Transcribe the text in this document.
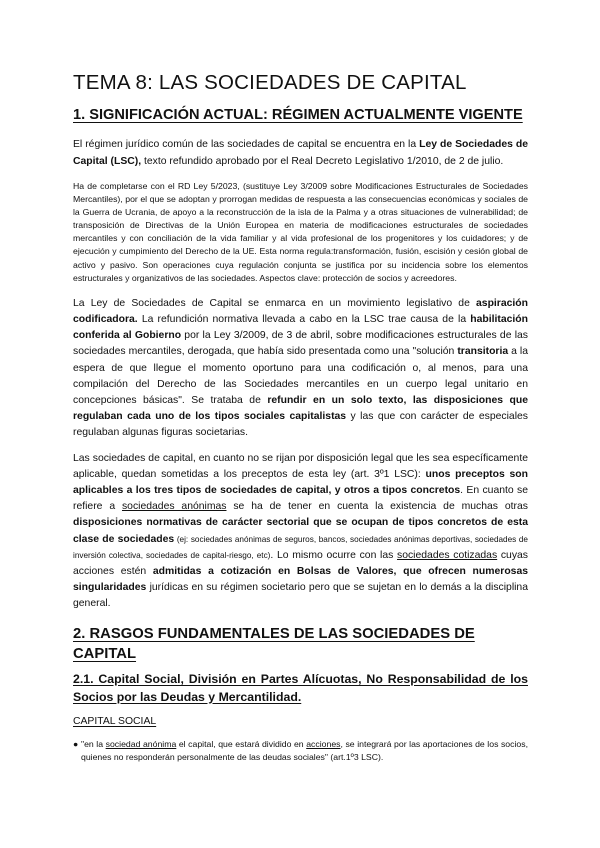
TEMA 8: LAS SOCIEDADES DE CAPITAL
1. SIGNIFICACIÓN ACTUAL: RÉGIMEN ACTUALMENTE VIGENTE

El régimen jurídico común de las sociedades de capital se encuentra en la Ley de Sociedades de Capital (LSC), texto refundido aprobado por el Real Decreto Legislativo 1/2010, de 2 de julio.

Ha de completarse con el RD Ley 5/2023, (sustituye Ley 3/2009 sobre Modificaciones Estructurales de Sociedades Mercantiles), por el que se adoptan y prorrogan medidas de respuesta a las consecuencias económicas y sociales de la Guerra de Ucrania, de apoyo a la reconstrucción de la isla de la Palma y a otras situaciones de vulnerabilidad; de transposición de Directivas de la Unión Europea en materia de modificaciones estructurales de sociedades mercantiles y con conciliación de la vida familiar y al vida profesional de los progenitores y los cuidadores; y de ejecución y cumpimiento del Derecho de la UE. Esta norma regula:transformación, fusión, escisión y cesión global de activo y pasivo. Son operaciones cuya regulación conjunta se justifica por su incidencia sobre los elementos estructurales y organizativos de las sociedades. Aspectos clave: protección de socios y acreedores.

La Ley de Sociedades de Capital se enmarca en un movimiento legislativo de aspiración codificadora. La refundición normativa llevada a cabo en la LSC trae causa de la habilitación conferida al Gobierno por la Ley 3/2009, de 3 de abril, sobre modificaciones estructurales de las sociedades mercantiles, derogada, que había sido presentada como una "solución transitoria a la espera de que llegue el momento oportuno para una codificación o, al menos, para una compilación del Derecho de las Sociedades mercantiles en un cuerpo legal unitario en concepciones básicas". Se trataba de refundir en un solo texto, las disposiciones que regulaban cada uno de los tipos sociales capitalistas y las que con carácter de especiales regulaban algunas figuras societarias.

Las sociedades de capital, en cuanto no se rijan por disposición legal que les sea específicamente aplicable, quedan sometidas a los preceptos de esta ley (art. 3º1 LSC): unos preceptos son aplicables a los tres tipos de sociedades de capital, y otros a tipos concretos. En cuanto se refiere a sociedades anónimas se ha de tener en cuenta la existencia de muchas otras disposiciones normativas de carácter sectorial que se ocupan de tipos concretos de esta clase de sociedades (ej: sociedades anónimas de seguros, bancos, sociedades anónimas deportivas, sociedades de inversión colectiva, sociedades de capital-riesgo, etc). Lo mismo ocurre con las sociedades cotizadas cuyas acciones estén admitidas a cotización en Bolsas de Valores, que ofrecen numerosas singularidades jurídicas en su régimen societario pero que se sujetan en lo demás a la disciplina general.

2. RASGOS FUNDAMENTALES DE LAS SOCIEDADES DE CAPITAL
2.1. Capital Social, División en Partes Alícuotas, No Responsabilidad de los Socios por las Deudas y Mercantilidad.
CAPITAL SOCIAL
● "en la sociedad anónima el capital, que estará dividido en acciones, se integrará por las aportaciones de los socios, quienes no responderán personalmente de las deudas sociales" (art.1º3 LSC).
